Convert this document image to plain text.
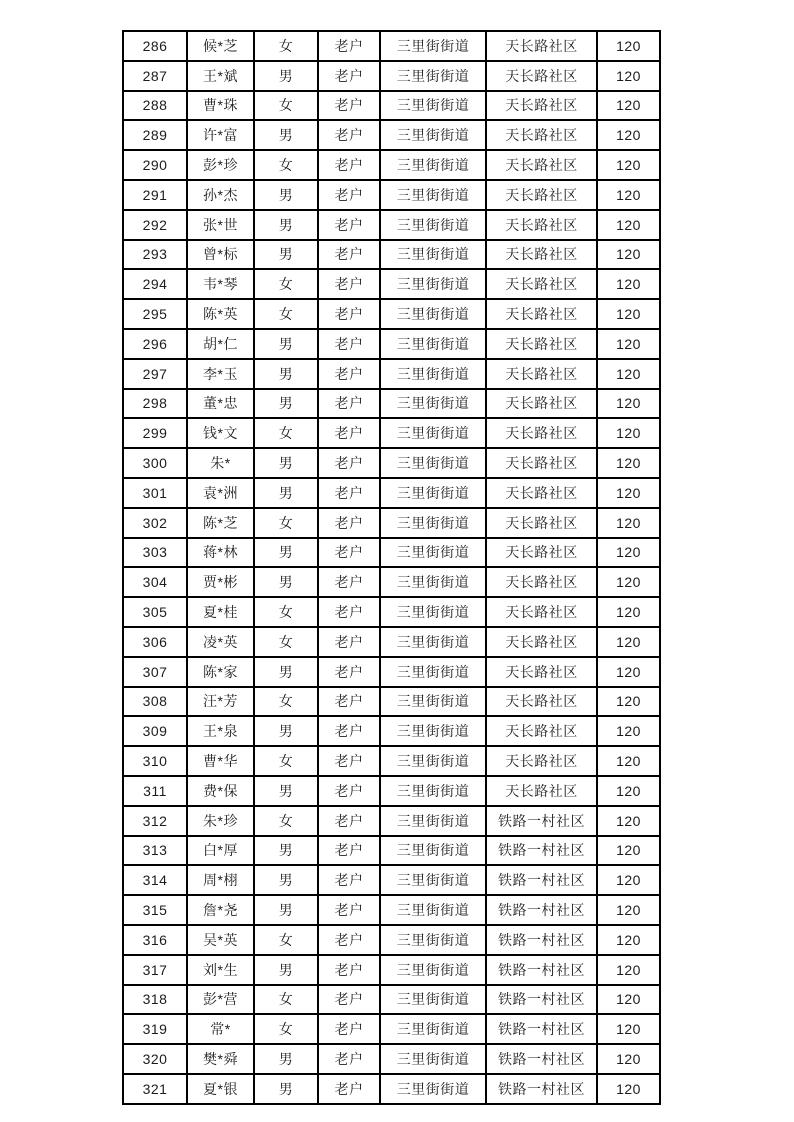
286	候*芝	女	老户	三里街街道	天长路社区	120
287	王*斌	男	老户	三里街街道	天长路社区	120
288	曹*珠	女	老户	三里街街道	天长路社区	120
289	许*富	男	老户	三里街街道	天长路社区	120
290	彭*珍	女	老户	三里街街道	天长路社区	120
291	孙*杰	男	老户	三里街街道	天长路社区	120
292	张*世	男	老户	三里街街道	天长路社区	120
293	曾*标	男	老户	三里街街道	天长路社区	120
294	韦*琴	女	老户	三里街街道	天长路社区	120
295	陈*英	女	老户	三里街街道	天长路社区	120
296	胡*仁	男	老户	三里街街道	天长路社区	120
297	李*玉	男	老户	三里街街道	天长路社区	120
298	董*忠	男	老户	三里街街道	天长路社区	120
299	钱*文	女	老户	三里街街道	天长路社区	120
300	朱*	男	老户	三里街街道	天长路社区	120
301	袁*洲	男	老户	三里街街道	天长路社区	120
302	陈*芝	女	老户	三里街街道	天长路社区	120
303	蒋*林	男	老户	三里街街道	天长路社区	120
304	贾*彬	男	老户	三里街街道	天长路社区	120
305	夏*桂	女	老户	三里街街道	天长路社区	120
306	凌*英	女	老户	三里街街道	天长路社区	120
307	陈*家	男	老户	三里街街道	天长路社区	120
308	汪*芳	女	老户	三里街街道	天长路社区	120
309	王*泉	男	老户	三里街街道	天长路社区	120
310	曹*华	女	老户	三里街街道	天长路社区	120
311	费*保	男	老户	三里街街道	天长路社区	120
312	朱*珍	女	老户	三里街街道	铁路一村社区	120
313	白*厚	男	老户	三里街街道	铁路一村社区	120
314	周*栩	男	老户	三里街街道	铁路一村社区	120
315	詹*尧	男	老户	三里街街道	铁路一村社区	120
316	吴*英	女	老户	三里街街道	铁路一村社区	120
317	刘*生	男	老户	三里街街道	铁路一村社区	120
318	彭*营	女	老户	三里街街道	铁路一村社区	120
319	常*	女	老户	三里街街道	铁路一村社区	120
320	樊*舜	男	老户	三里街街道	铁路一村社区	120
321	夏*银	男	老户	三里街街道	铁路一村社区	120
